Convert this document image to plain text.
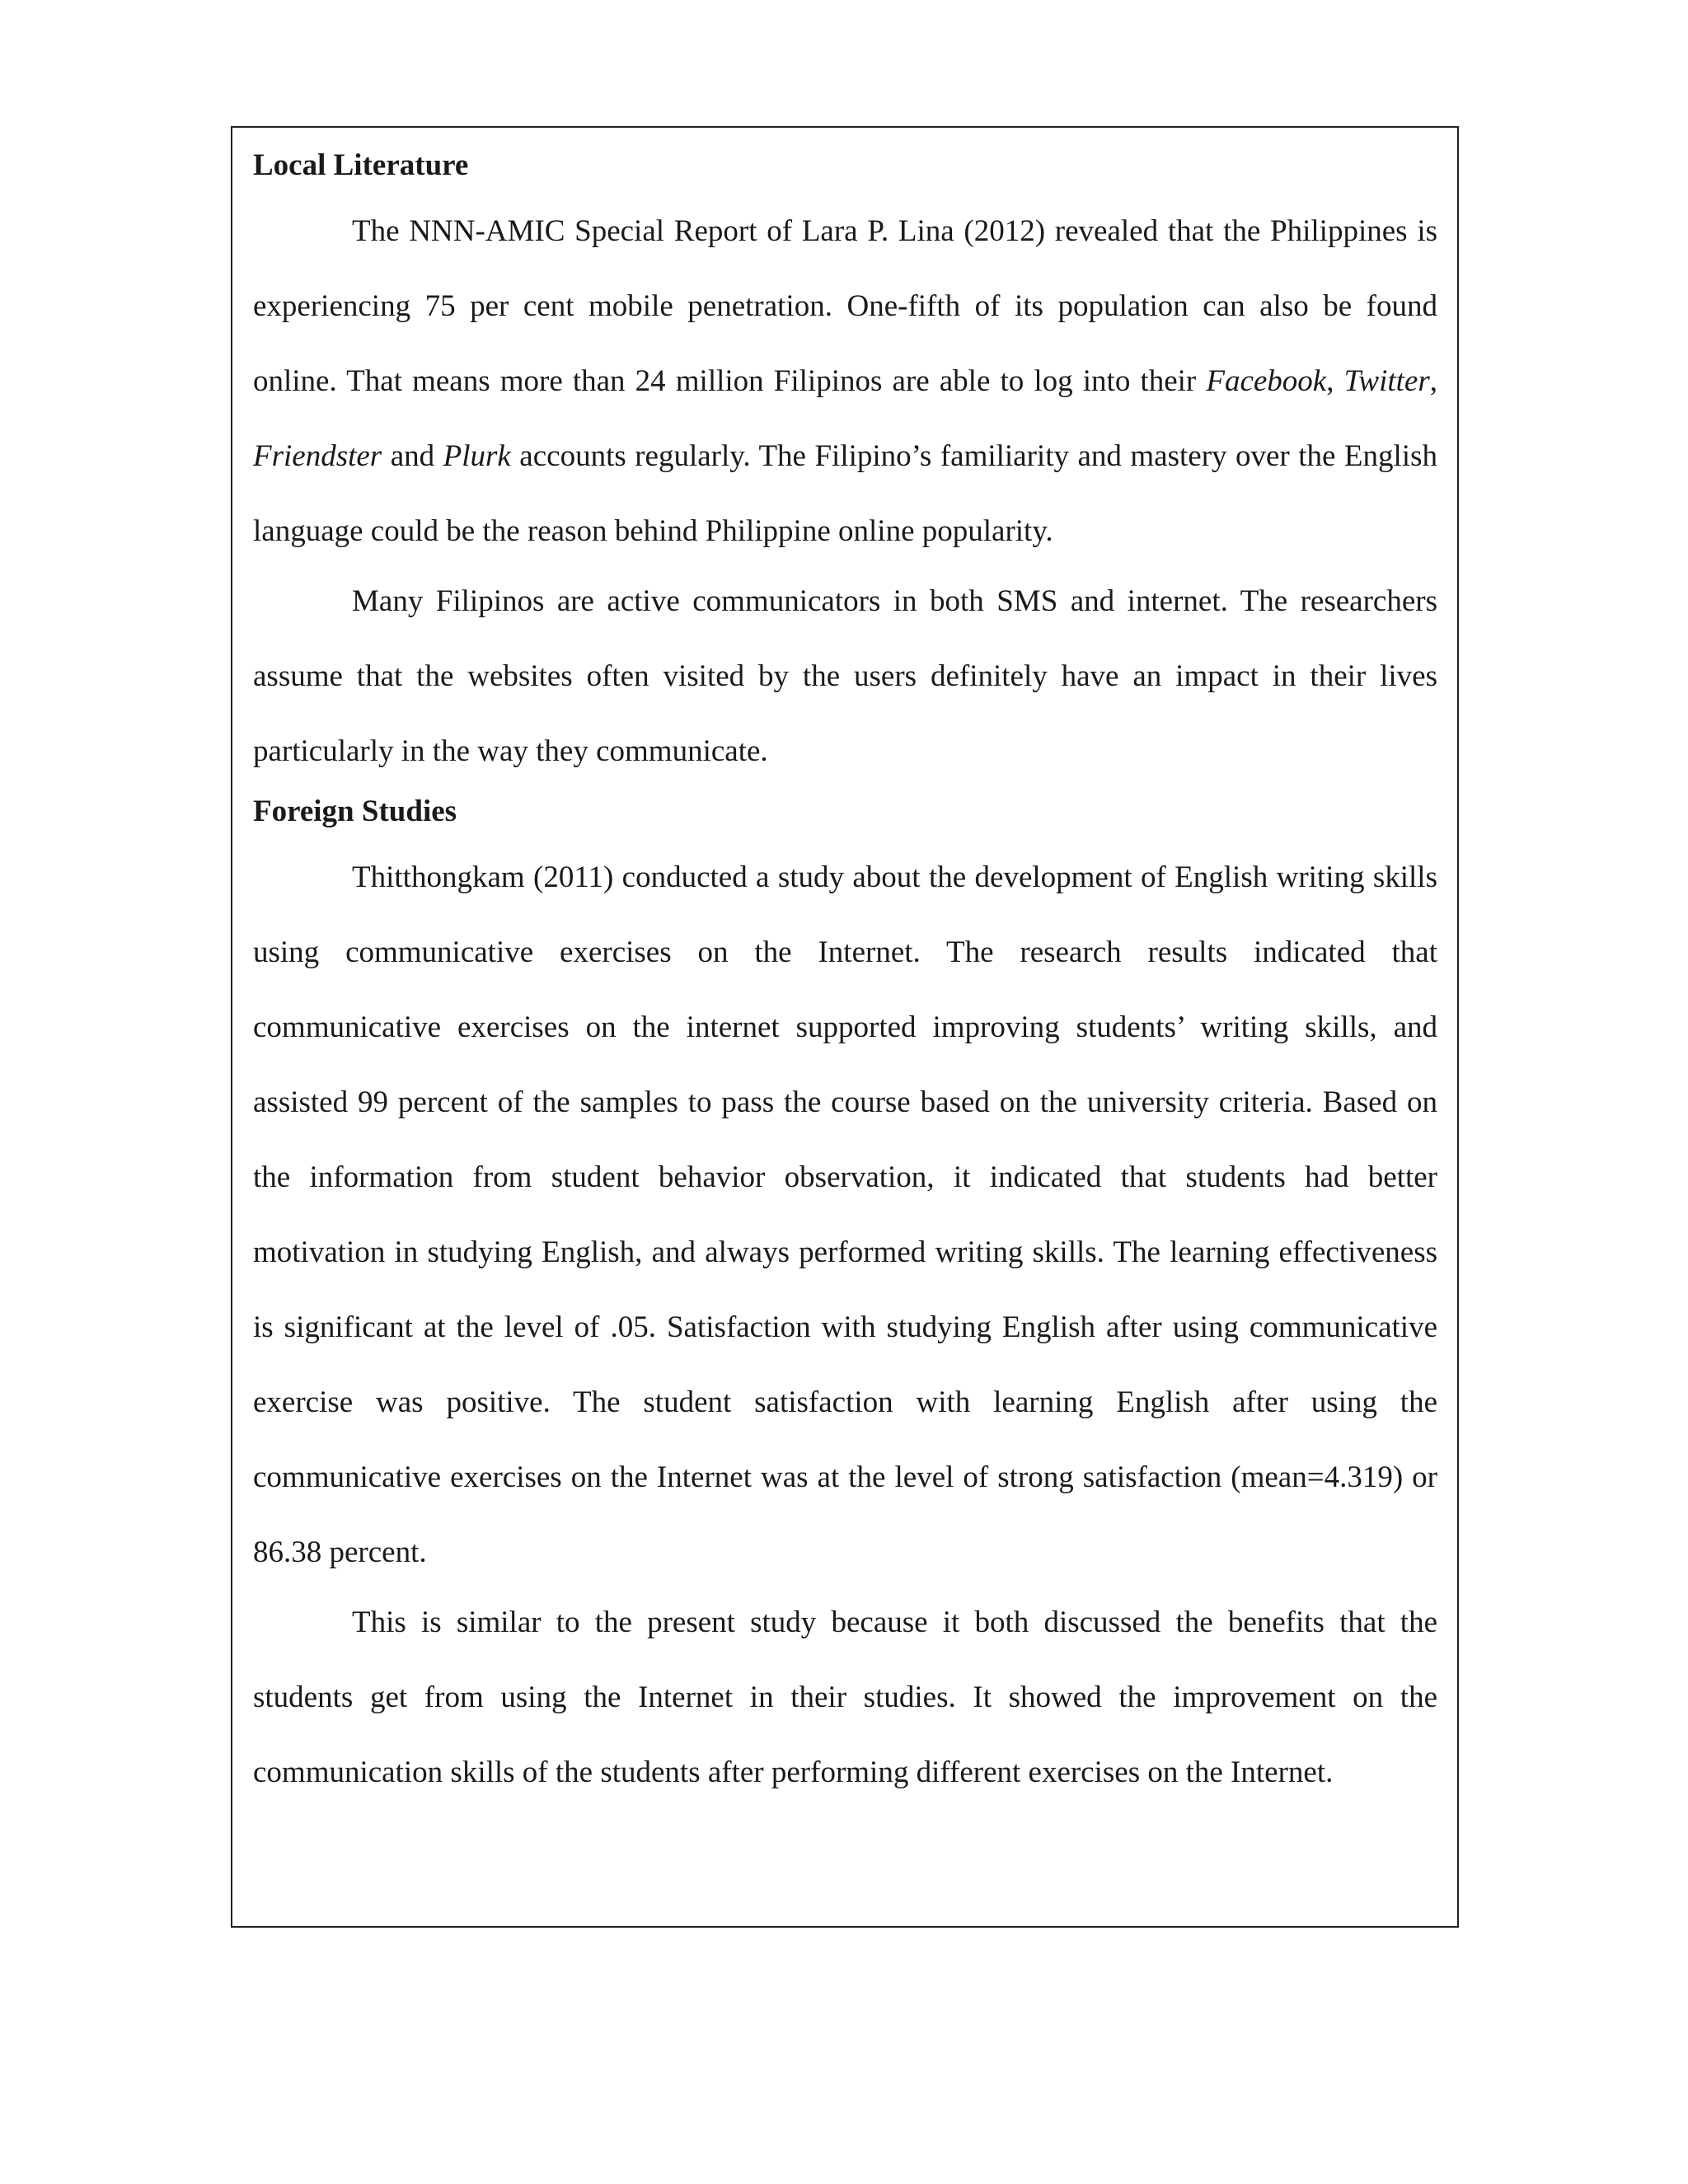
Local Literature

The NNN-AMIC Special Report of Lara P. Lina (2012) revealed that the Philippines is experiencing 75 per cent mobile penetration. One-fifth of its population can also be found online. That means more than 24 million Filipinos are able to log into their Facebook, Twitter, Friendster and Plurk accounts regularly. The Filipino’s familiarity and mastery over the English language could be the reason behind Philippine online popularity.

Many Filipinos are active communicators in both SMS and internet. The researchers assume that the websites often visited by the users definitely have an impact in their lives particularly in the way they communicate.

Foreign Studies

Thitthongkam (2011) conducted a study about the development of English writing skills using communicative exercises on the Internet. The research results indicated that communicative exercises on the internet supported improving students’ writing skills, and assisted 99 percent of the samples to pass the course based on the university criteria. Based on the information from student behavior observation, it indicated that students had better motivation in studying English, and always performed writing skills. The learning effectiveness is significant at the level of .05. Satisfaction with studying English after using communicative exercise was positive. The student satisfaction with learning English after using the communicative exercises on the Internet was at the level of strong satisfaction (mean=4.319) or 86.38 percent.

This is similar to the present study because it both discussed the benefits that the students get from using the Internet in their studies. It showed the improvement on the communication skills of the students after performing different exercises on the Internet.
